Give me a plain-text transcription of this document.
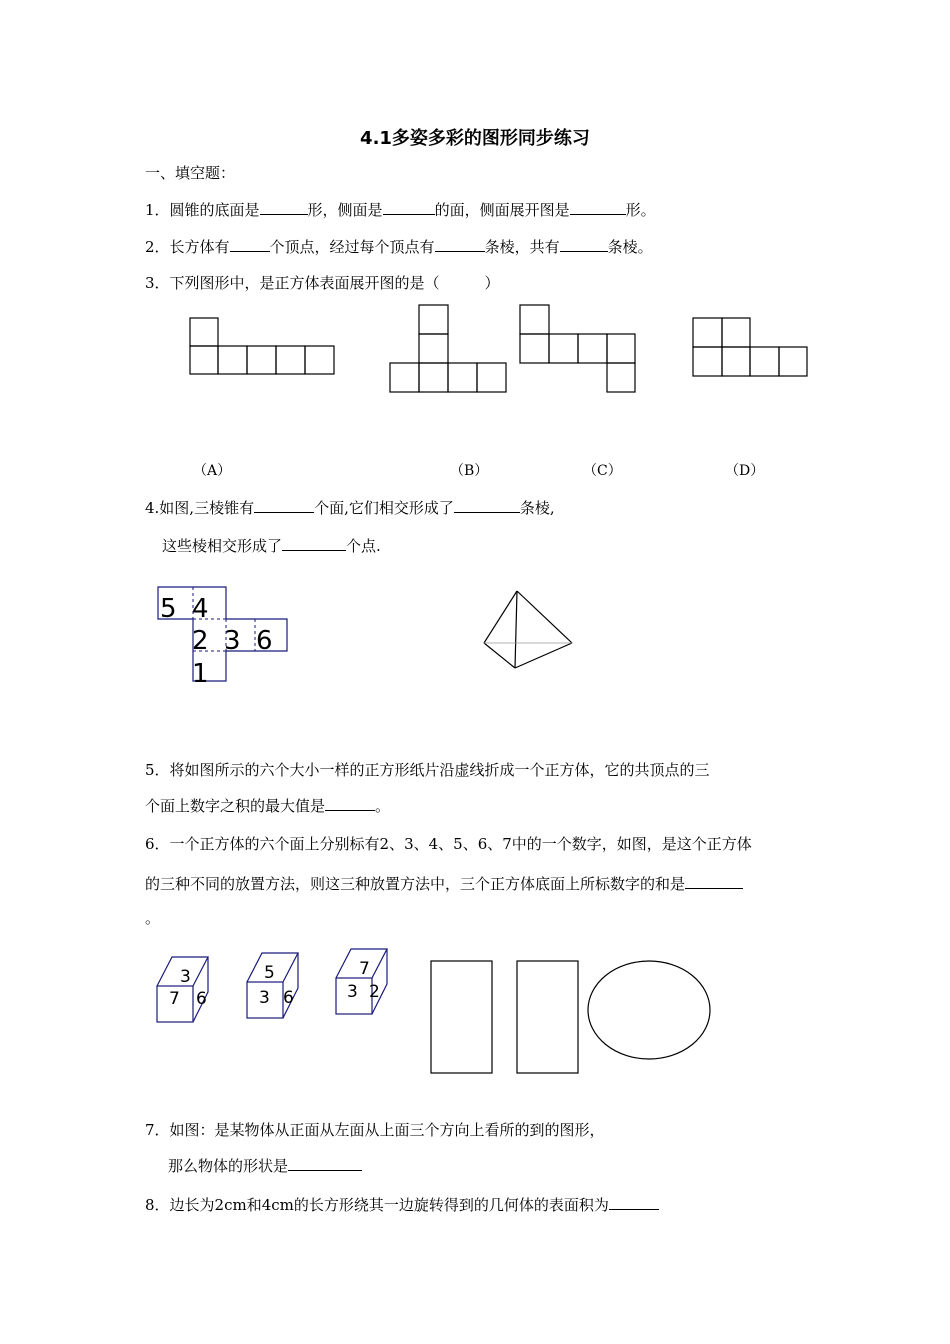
4.1多姿多彩的图形同步练习
一、填空题：
1．圆锥的底面是	形，侧面是	的面，侧面展开图是	形。
2．长方体有	个顶点，经过每个顶点有	条棱，共有	条棱。
3．下列图形中，是正方体表面展开图的是（　　　）
（A）	（B）	（C）	（D）
4.如图,三棱锥有	个面,它们相交形成了	条棱,
这些棱相交形成了	个点.
5．将如图所示的六个大小一样的正方形纸片沿虚线折成一个正方体，它的共顶点的三
个面上数字之积的最大值是	。
6．一个正方体的六个面上分别标有2、3、4、5、6、7中的一个数字，如图，是这个正方体
的三种不同的放置方法，则这三种放置方法中，三个正方体底面上所标数字的和是
。
7．如图：是某物体从正面从左面从上面三个方向上看所的到的图形，
那么物体的形状是
8．边长为2cm和4cm的长方形绕其一边旋转得到的几何体的表面积为
5 4
2 3 6
1
3
7 6
5
3 6
7
3 2
